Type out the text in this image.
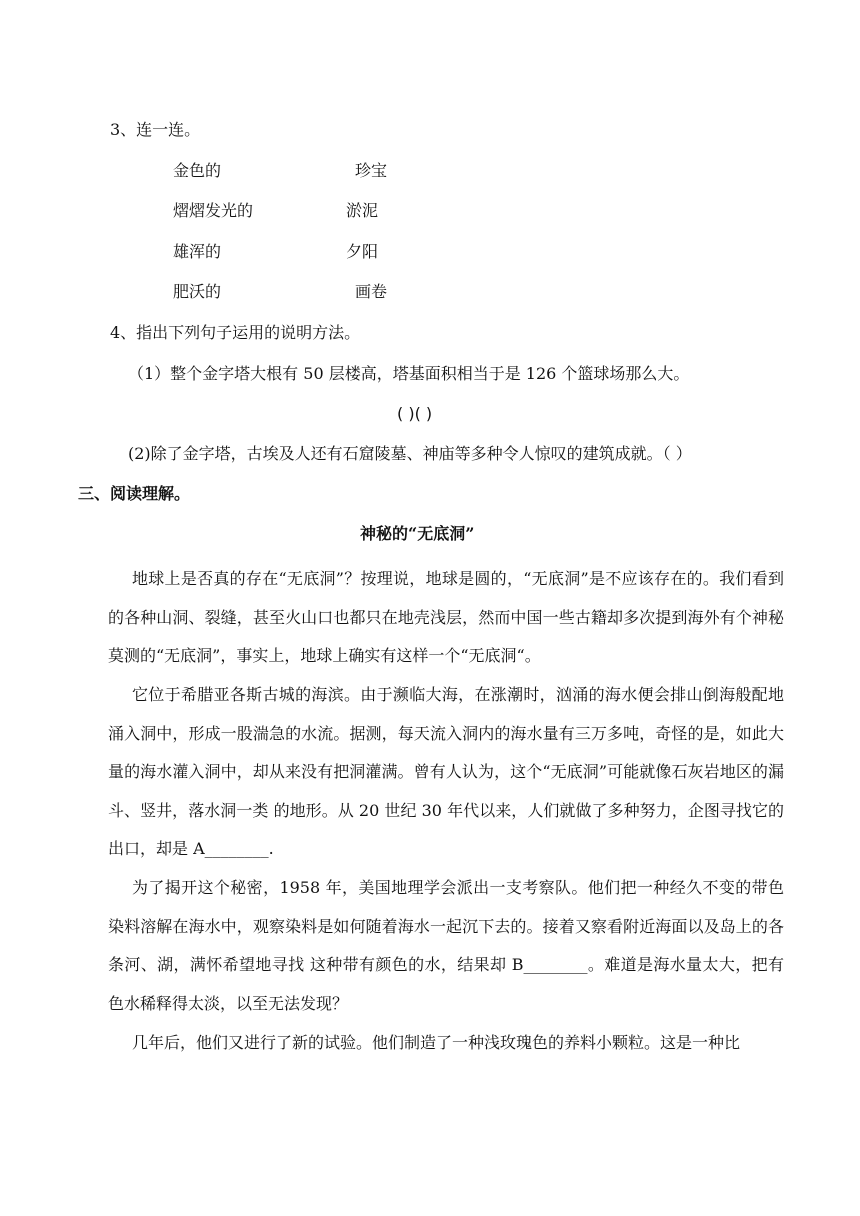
3、连一连。
金色的	珍宝
熠熠发光的	淤泥
雄浑的	夕阳
肥沃的	画卷
4、指出下列句子运用的说明方法。
（1）整个金字塔大根有 50 层楼高，塔基面积相当于是 126 个篮球场那么大。
( )( )
(2)除了金字塔，古埃及人还有石窟陵墓、神庙等多种令人惊叹的建筑成就。（ ）
三、阅读理解。
神秘的“无底洞”

地球上是否真的存在“无底洞”？按理说，地球是圆的，“无底洞”是不应该存在的。我们看到的各种山洞、裂缝，甚至火山口也都只在地壳浅层，然而中国一些古籍却多次提到海外有个神秘莫测的“无底洞”，事实上，地球上确实有这样一个“无底洞“。

它位于希腊亚各斯古城的海滨。由于濒临大海，在涨潮时，汹涌的海水便会排山倒海般配地涌入洞中，形成一股湍急的水流。据测，每天流入洞内的海水量有三万多吨，奇怪的是，如此大量的海水灌入洞中，却从来没有把洞灌满。曾有人认为，这个“无底洞”可能就像石灰岩地区的漏斗、竖井，落水洞一类 的地形。从 20 世纪 30 年代以来，人们就做了多种努力，企图寻找它的出口，却是 A________.

为了揭开这个秘密，1958 年，美国地理学会派出一支考察队。他们把一种经久不变的带色染料溶解在海水中，观察染料是如何随着海水一起沉下去的。接着又察看附近海面以及岛上的各条河、湖，满怀希望地寻找 这种带有颜色的水，结果却 B________。难道是海水量太大，把有色水稀释得太淡，以至无法发现？

几年后，他们又进行了新的试验。他们制造了一种浅玫瑰色的养料小颗粒。这是一种比
